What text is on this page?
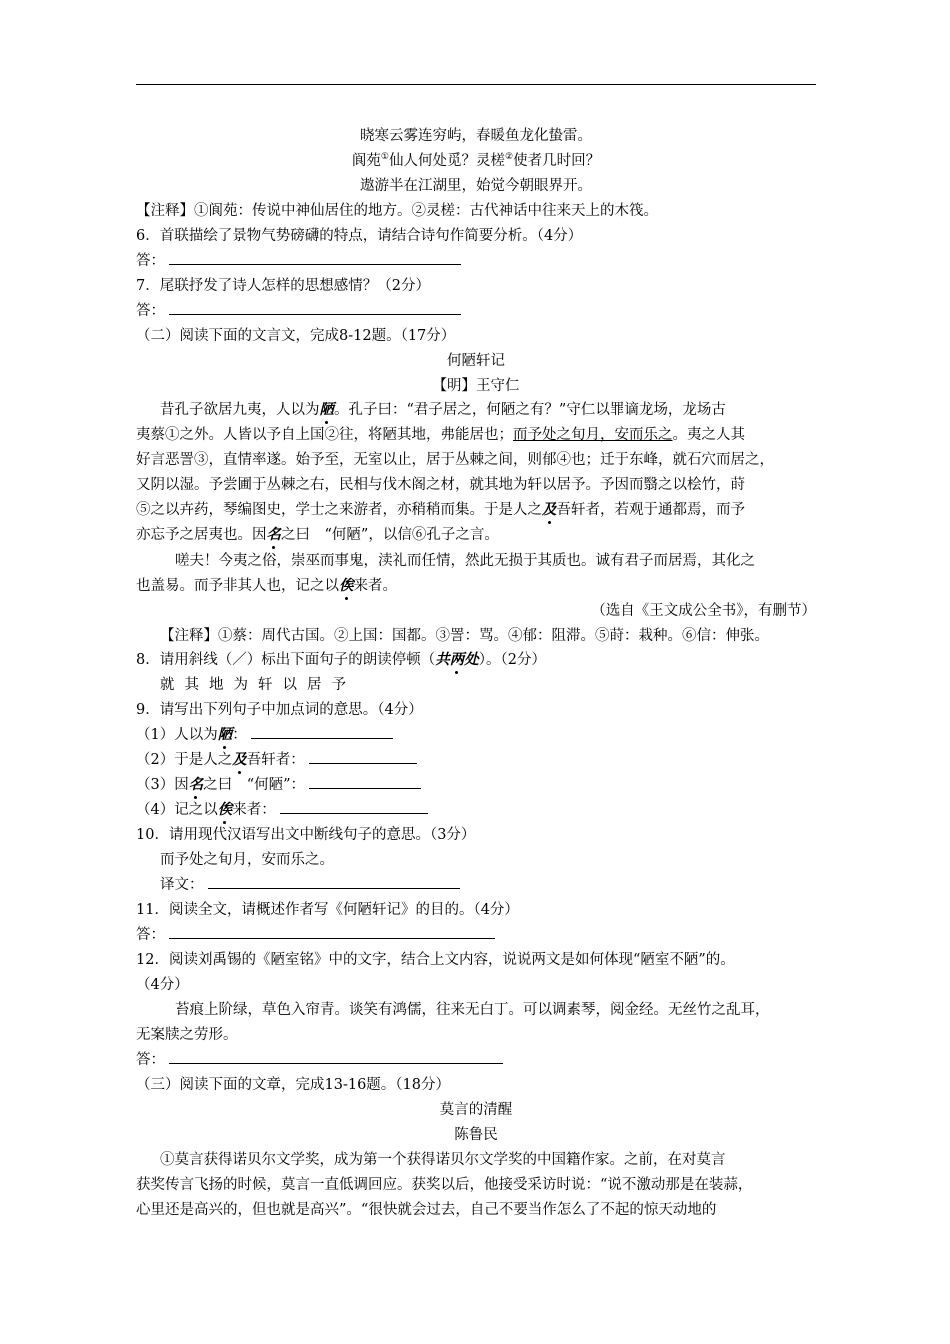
晓寒云雾连穷屿，春暖鱼龙化蛰雷。
阆苑①仙人何处觅？灵槎②使者几时回？
遨游半在江湖里，始觉今朝眼界开。
【注释】①阆苑：传说中神仙居住的地方。②灵槎：古代神话中往来天上的木筏。
6．首联描绘了景物气势磅礴的特点，请结合诗句作简要分析。（4分）
答：
7．尾联抒发了诗人怎样的思想感情？（2分）
答：
（二）阅读下面的文言文，完成8-12题。（17分）
何陋轩记
【明】王守仁
昔孔子欲居九夷，人以为陋。孔子曰：“君子居之，何陋之有？”守仁以罪谪龙场，龙场古
夷蔡①之外。人皆以予自上国②往，将陋其地，弗能居也；而予处之旬月，安而乐之。夷之人其
好言恶詈③，直情率遂。始予至，无室以止，居于丛棘之间，则郁④也；迁于东峰，就石穴而居之，
又阴以湿。予尝圃于丛棘之右，民相与伐木阁之材，就其地为轩以居予。予因而翳之以桧竹，莳
⑤之以卉药，琴编图史，学士之来游者，亦稍稍而集。于是人之及吾轩者，若观于通都焉，而予
亦忘予之居夷也。因名之曰　“何陋”，以信⑥孔子之言。
嗟夫！今夷之俗，崇巫而事鬼，渎礼而任情，然此无损于其质也。诚有君子而居焉，其化之
也盖易。而予非其人也，记之以俟来者。
（选自《王文成公全书》，有删节）
【注释】①蔡：周代古国。②上国：国都。③詈：骂。④郁：阻滞。⑤莳：栽种。⑥信：伸张。
8．请用斜线（／）标出下面句子的朗读停顿（共两处）。（2分）
就其地为轩以居予
9．请写出下列句子中加点词的意思。（4分）
（1）人以为陋：
（2）于是人之及吾轩者：
（3）因名之曰　“何陋”：
（4）记之以俟来者：
10．请用现代汉语写出文中断线句子的意思。（3分）
而予处之旬月，安而乐之。
译文：
11．阅读全文，请概述作者写《何陋轩记》的目的。（4分）
答：
12．阅读刘禹锡的《陋室铭》中的文字，结合上文内容，说说两文是如何体现“陋室不陋”的。
（4分）
苔痕上阶绿，草色入帘青。谈笑有鸿儒，往来无白丁。可以调素琴，阅金经。无丝竹之乱耳，
无案牍之劳形。
答：
（三）阅读下面的文章，完成13-16题。（18分）
莫言的清醒
陈鲁民
①莫言获得诺贝尔文学奖，成为第一个获得诺贝尔文学奖的中国籍作家。之前，在对莫言
获奖传言飞扬的时候，莫言一直低调回应。获奖以后，他接受采访时说：“说不激动那是在装蒜，
心里还是高兴的，但也就是高兴”。“很快就会过去，自己不要当作怎么了不起的惊天动地的
